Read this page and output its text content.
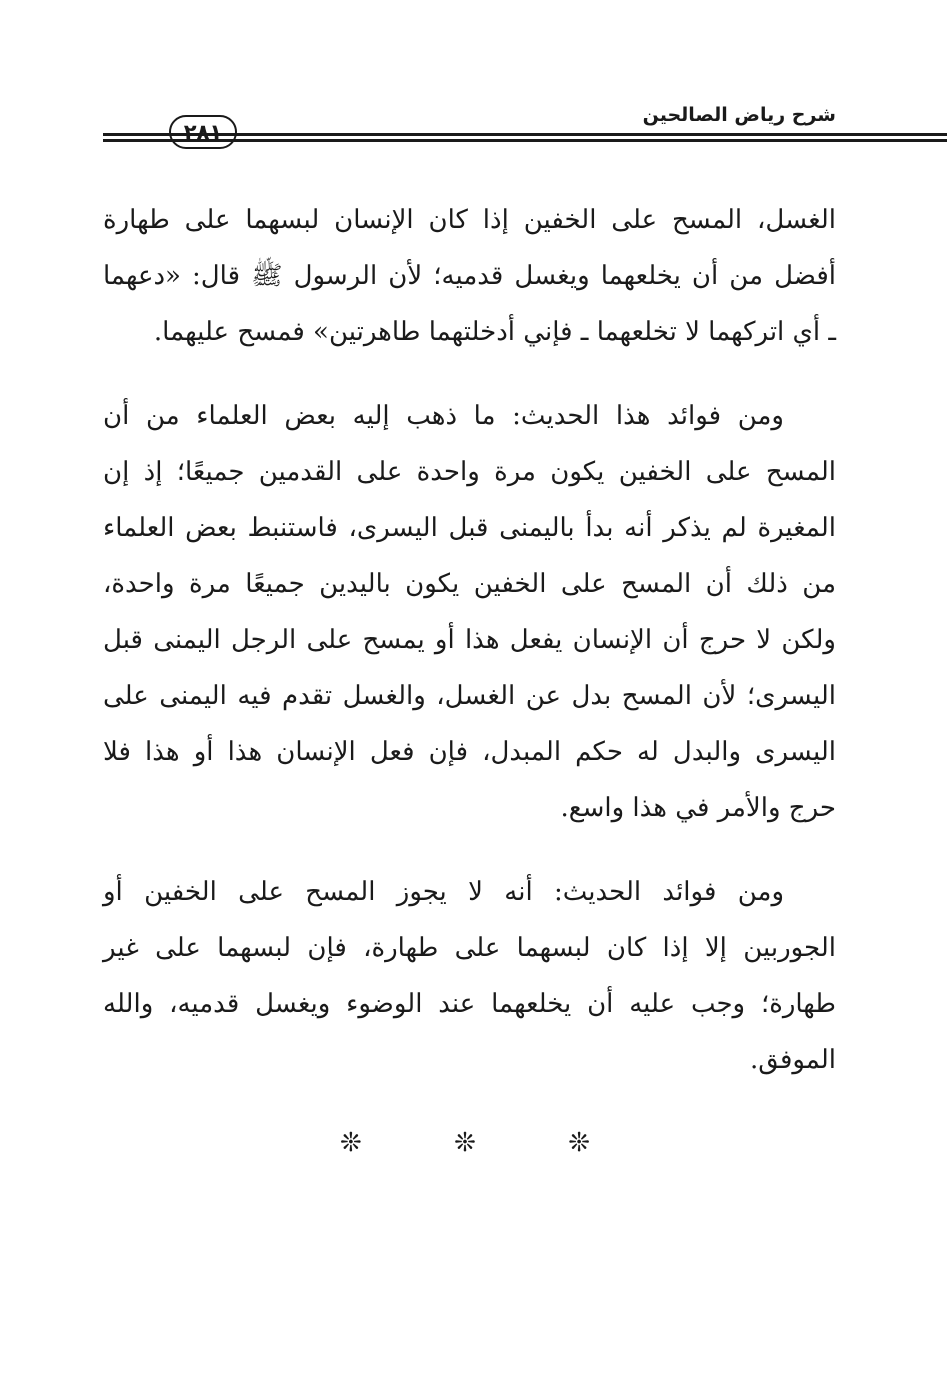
شرح رياض الصالحين
٢٨١
الغسل، المسح على الخفين إذا كان الإنسان لبسهما على طهارة
أفضل من أن يخلعهما ويغسل قدميه؛ لأن الرسول ﷺ قال: «دعهما
ـ أي اتركهما لا تخلعهما ـ فإني أدخلتهما طاهرتين» فمسح عليهما.
ومن فوائد هذا الحديث: ما ذهب إليه بعض العلماء من أن
المسح على الخفين يكون مرة واحدة على القدمين جميعًا؛ إذ إن
المغيرة لم يذكر أنه بدأ باليمنى قبل اليسرى، فاستنبط بعض العلماء
من ذلك أن المسح على الخفين يكون باليدين جميعًا مرة واحدة،
ولكن لا حرج أن الإنسان يفعل هذا أو يمسح على الرجل اليمنى قبل
اليسرى؛ لأن المسح بدل عن الغسل، والغسل تقدم فيه اليمنى على
اليسرى والبدل له حكم المبدل، فإن فعل الإنسان هذا أو هذا فلا
حرج والأمر في هذا واسع.
ومن فوائد الحديث: أنه لا يجوز المسح على الخفين أو
الجوربين إلا إذا كان لبسهما على طهارة، فإن لبسهما على غير
طهارة؛ وجب عليه أن يخلعهما عند الوضوء ويغسل قدميه، والله
الموفق.
❊	❊	❊
